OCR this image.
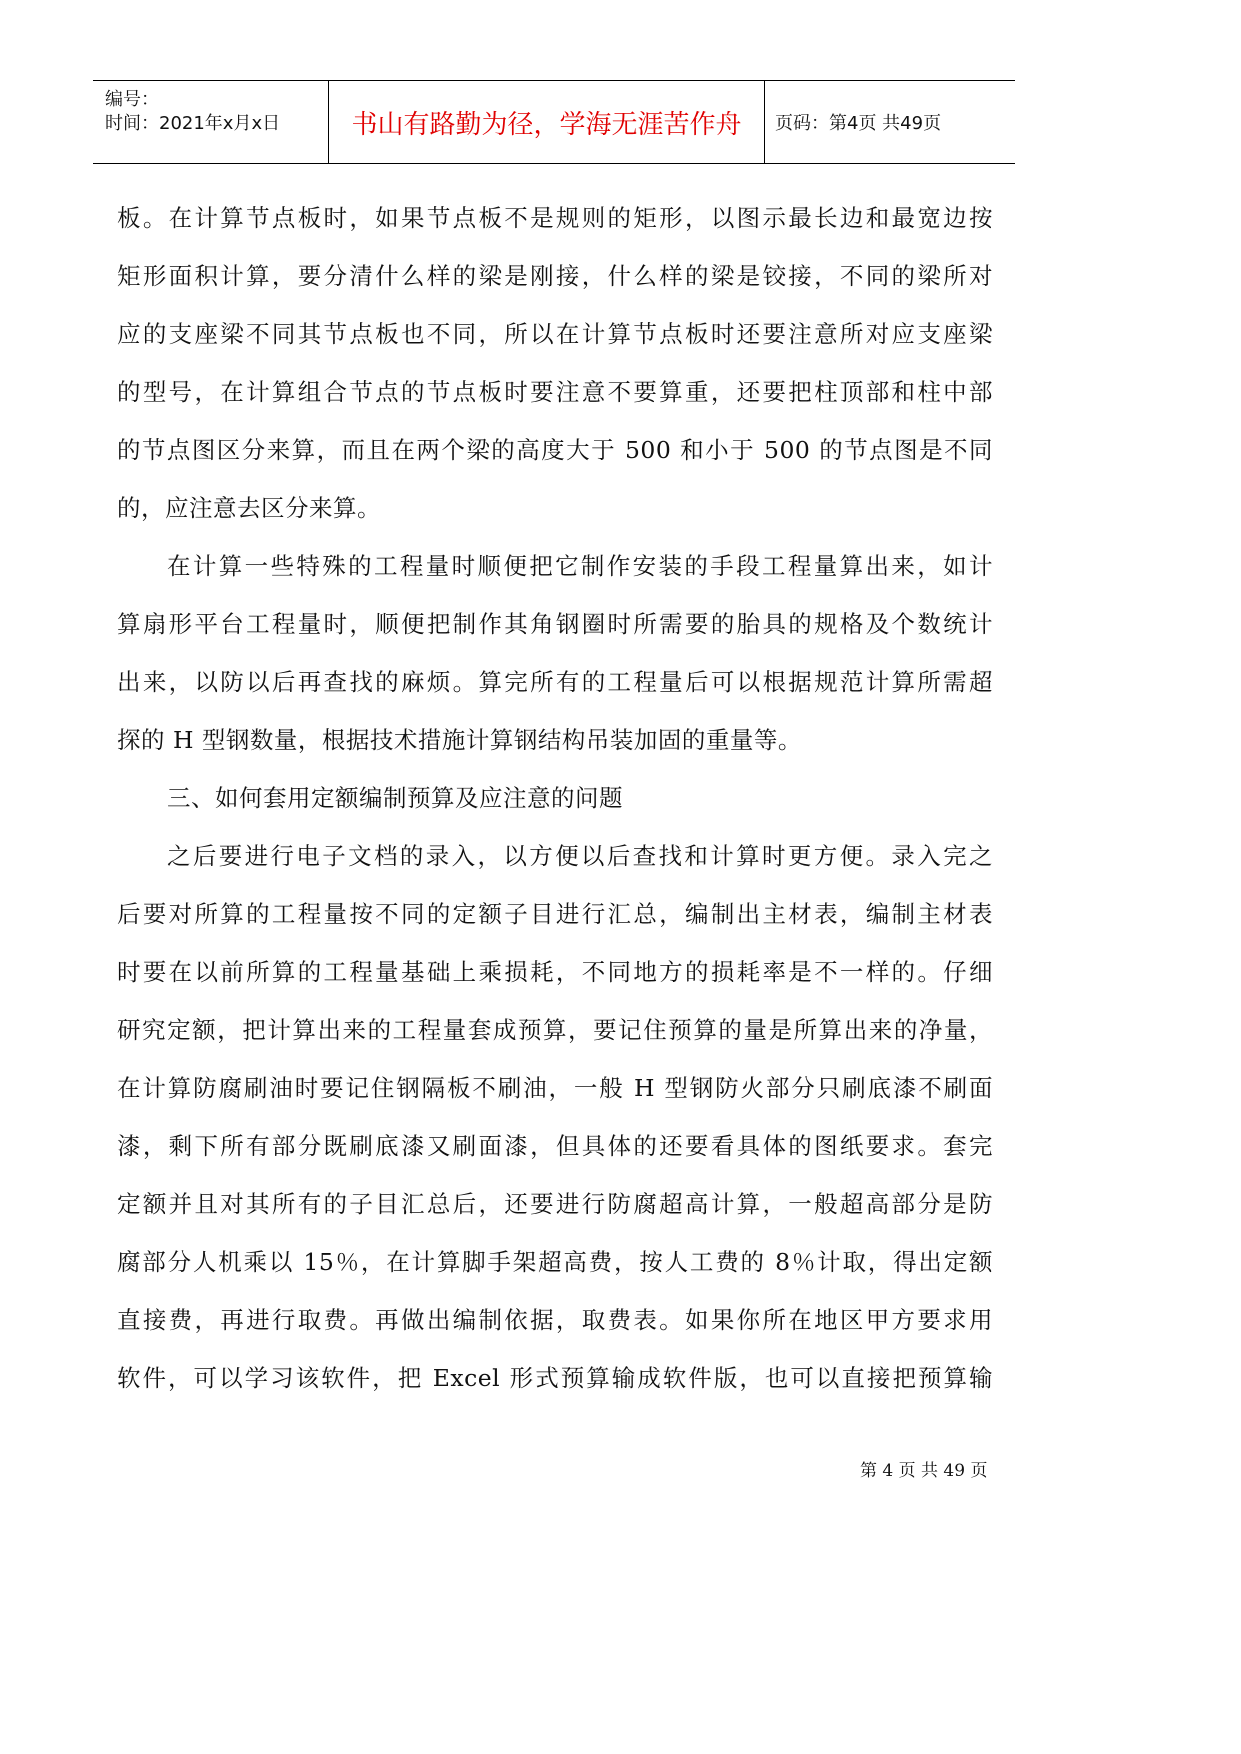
编号：
时间：2021年x月x日	书山有路勤为径，学海无涯苦作舟	页码：第4页 共49页
板。在计算节点板时，如果节点板不是规则的矩形，以图示最长边和最宽边按
矩形面积计算，要分清什么样的梁是刚接，什么样的梁是铰接，不同的梁所对
应的支座梁不同其节点板也不同，所以在计算节点板时还要注意所对应支座梁
的型号，在计算组合节点的节点板时要注意不要算重，还要把柱顶部和柱中部
的节点图区分来算，而且在两个梁的高度大于 500 和小于 500 的节点图是不同
的，应注意去区分来算。
在计算一些特殊的工程量时顺便把它制作安装的手段工程量算出来，如计
算扇形平台工程量时，顺便把制作其角钢圈时所需要的胎具的规格及个数统计
出来，以防以后再查找的麻烦。算完所有的工程量后可以根据规范计算所需超
探的 H 型钢数量，根据技术措施计算钢结构吊装加固的重量等。
三、如何套用定额编制预算及应注意的问题
之后要进行电子文档的录入，以方便以后查找和计算时更方便。录入完之
后要对所算的工程量按不同的定额子目进行汇总，编制出主材表，编制主材表
时要在以前所算的工程量基础上乘损耗，不同地方的损耗率是不一样的。仔细
研究定额，把计算出来的工程量套成预算，要记住预算的量是所算出来的净量，
在计算防腐刷油时要记住钢隔板不刷油，一般 H 型钢防火部分只刷底漆不刷面
漆，剩下所有部分既刷底漆又刷面漆，但具体的还要看具体的图纸要求。套完
定额并且对其所有的子目汇总后，还要进行防腐超高计算，一般超高部分是防
腐部分人机乘以 15％，在计算脚手架超高费，按人工费的 8％计取，得出定额
直接费，再进行取费。再做出编制依据，取费表。如果你所在地区甲方要求用
软件，可以学习该软件，把 Excel 形式预算输成软件版，也可以直接把预算输
第 4 页 共 49 页
